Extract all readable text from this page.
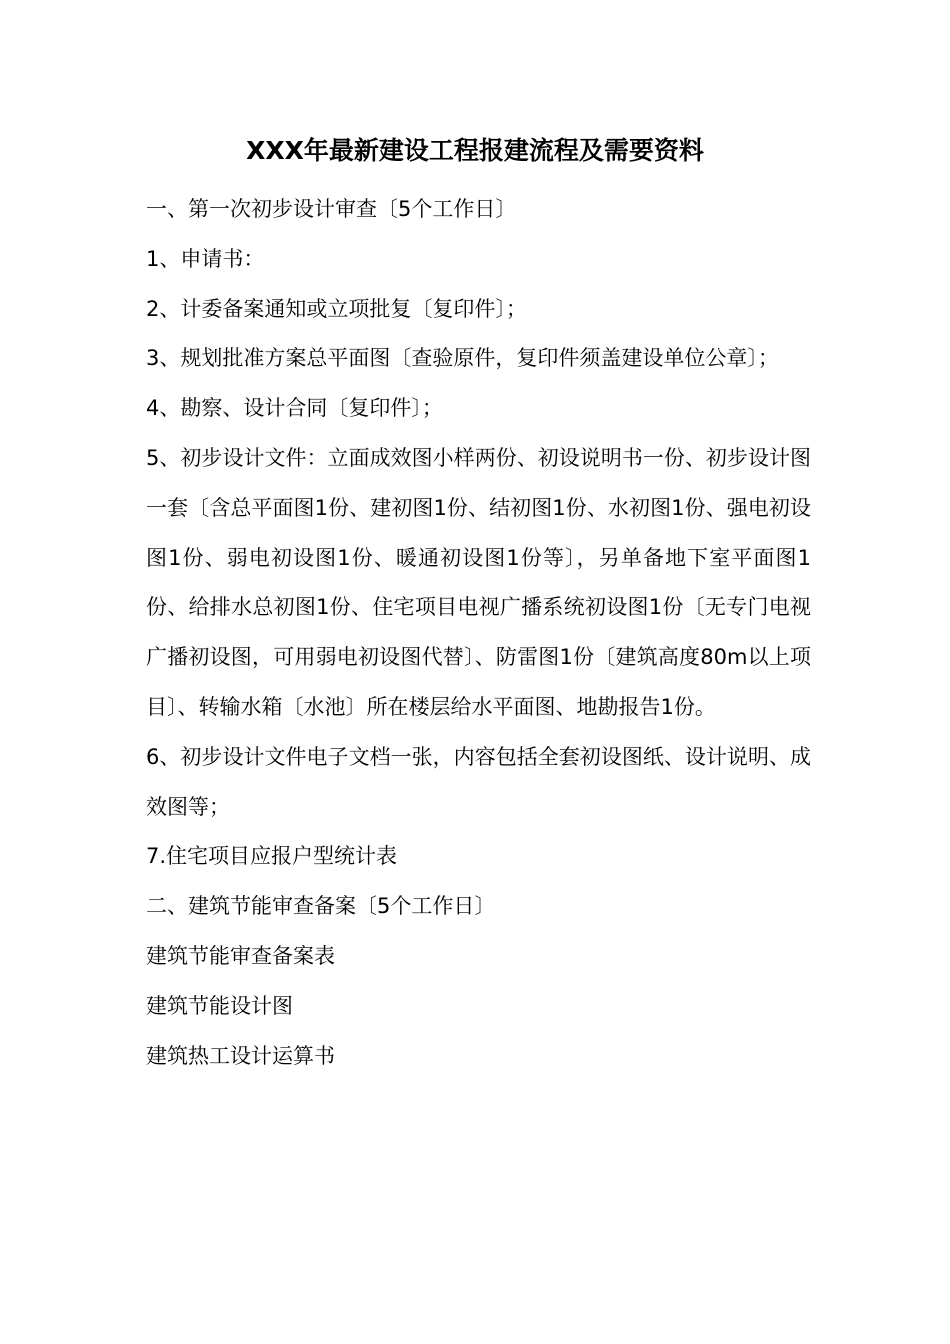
XXX年最新建设工程报建流程及需要资料

一、第一次初步设计审查〔5个工作日〕

1、申请书：

2、计委备案通知或立项批复〔复印件〕；

3、规划批准方案总平面图〔查验原件，复印件须盖建设单位公章〕；

4、勘察、设计合同〔复印件〕；

5、初步设计文件：立面成效图小样两份、初设说明书一份、初步设计图一套〔含总平面图1份、建初图1份、结初图1份、水初图1份、强电初设图1份、弱电初设图1份、暖通初设图1份等〕，另单备地下室平面图1份、给排水总初图1份、住宅项目电视广播系统初设图1份〔无专门电视广播初设图，可用弱电初设图代替〕、防雷图1份〔建筑高度80m以上项目〕、转输水箱〔水池〕所在楼层给水平面图、地勘报告1份。

6、初步设计文件电子文档一张，内容包括全套初设图纸、设计说明、成效图等；

7.住宅项目应报户型统计表

二、建筑节能审查备案〔5个工作日〕

建筑节能审查备案表

建筑节能设计图

建筑热工设计运算书
